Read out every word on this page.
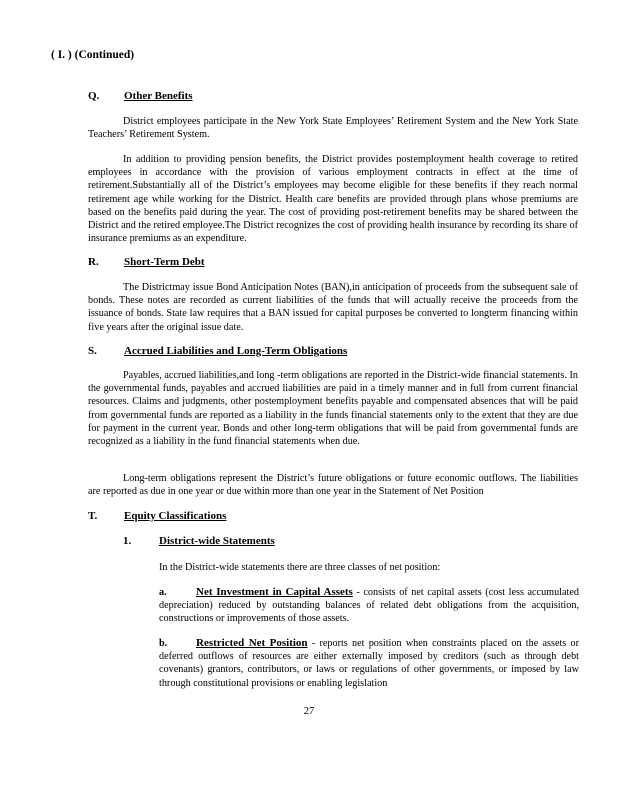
( I. ) (Continued)
Q. Other Benefits
District employees participate in the New York State Employees’ Retirement System and the New York State Teachers’ Retirement System.
In addition to providing pension benefits, the District provides postemployment health coverage to retired employees in accordance with the provision of various employment contracts in effect at the time of retirement.Substantially all of the District’s employees may become eligible for these benefits if they reach normal retirement age while working for the District. Health care benefits are provided through plans whose premiums are based on the benefits paid during the year. The cost of providing post-retirement benefits may be shared between the District and the retired employee.The District recognizes the cost of providing health insurance by recording its share of insurance premiums as an expenditure.
R. Short-Term Debt
The Districtmay issue Bond Anticipation Notes (BAN),in anticipation of proceeds from the subsequent sale of bonds. These notes are recorded as current liabilities of the funds that will actually receive the proceeds from the issuance of bonds. State law requires that a BAN issued for capital purposes be converted to longterm financing within five years after the original issue date.
S. Accrued Liabilities and Long-Term Obligations
Payables, accrued liabilities,and long -term obligations are reported in the District-wide financial statements. In the governmental funds, payables and accrued liabilities are paid in a timely manner and in full from current financial resources. Claims and judgments, other postemployment benefits payable and compensated absences that will be paid from governmental funds are reported as a liability in the funds financial statements only to the extent that they are due for payment in the current year. Bonds and other long-term obligations that will be paid from governmental funds are recognized as a liability in the fund financial statements when due.
Long-term obligations represent the District’s future obligations or future economic outflows. The liabilities are reported as due in one year or due within more than one year in the Statement of Net Position
T. Equity Classifications
1.	District-wide Statements
In the District-wide statements there are three classes of net position:
a.	Net Investment in Capital Assets - consists of net capital assets (cost less accumulated depreciation) reduced by outstanding balances of related debt obligations from the acquisition, constructions or improvements of those assets.
b.	Restricted Net Position - reports net position when constraints placed on the assets or deferred outflows of resources are either externally imposed by creditors (such as through debt covenants) grantors, contributors, or laws or regulations of other governments, or imposed by law through constitutional provisions or enabling legislation
27
